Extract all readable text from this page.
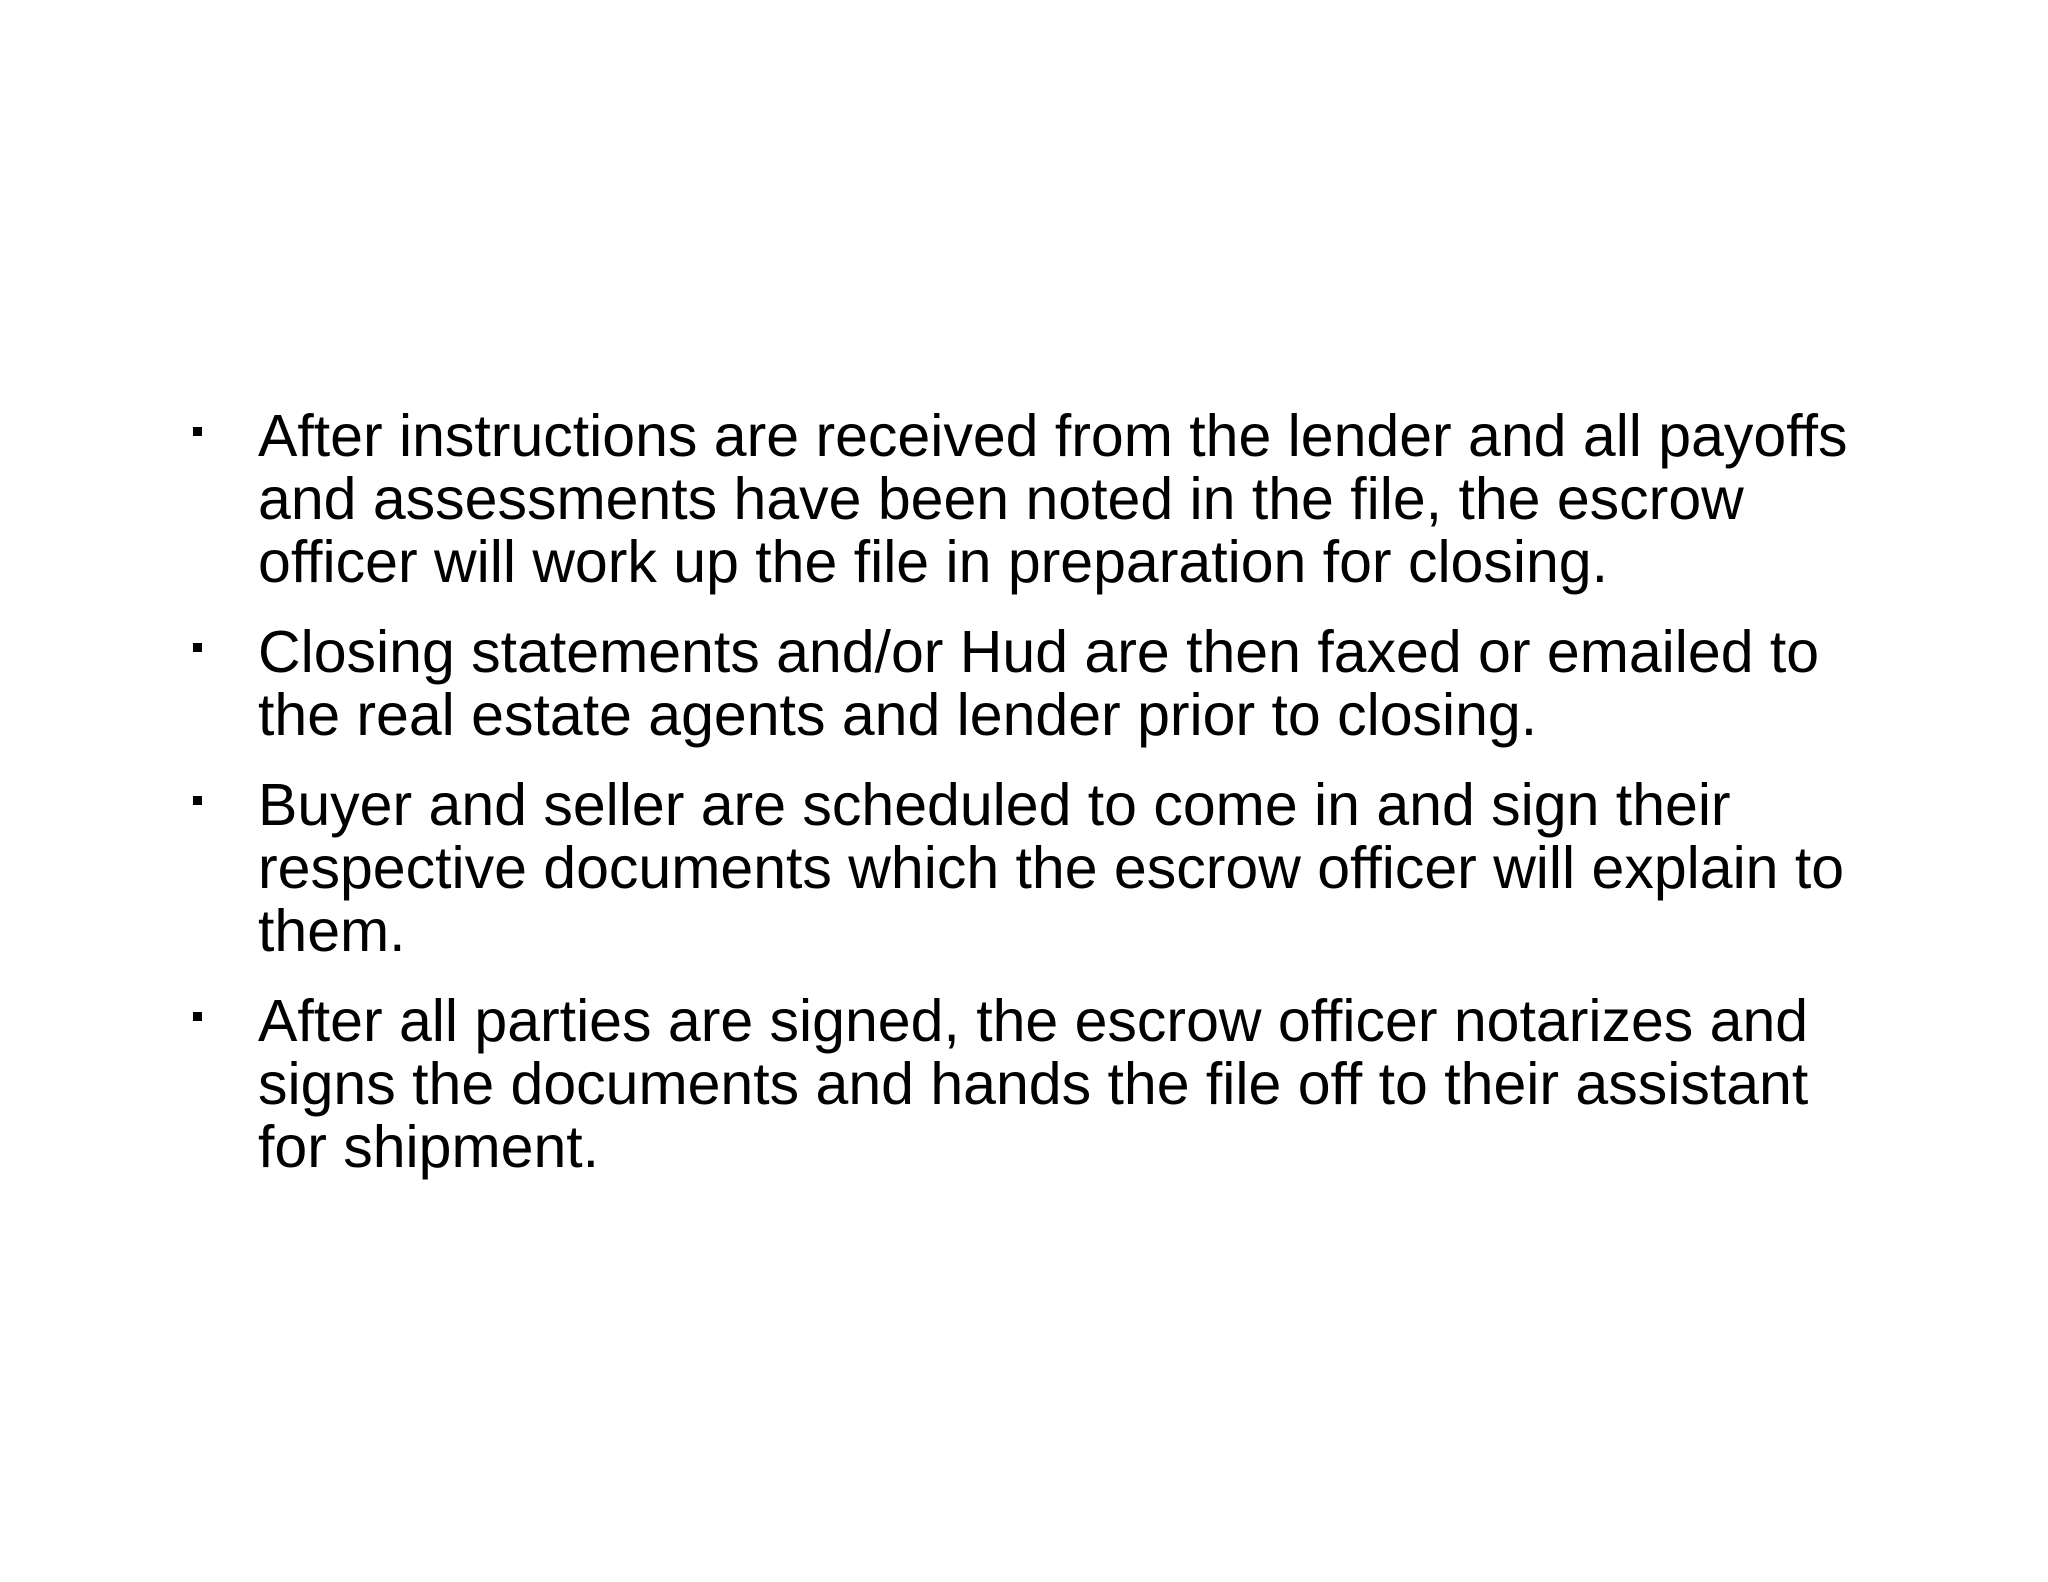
After instructions are received from the lender and all payoffs and assessments have been noted in the file, the escrow officer will work up the file in preparation for closing.
Closing statements and/or Hud are then faxed or emailed to the real estate agents and lender prior to closing.
Buyer and seller are scheduled to come in and sign their respective documents which the escrow officer will explain to them.
After all parties are signed, the escrow officer notarizes and signs the documents and hands the file off to their assistant for shipment.
